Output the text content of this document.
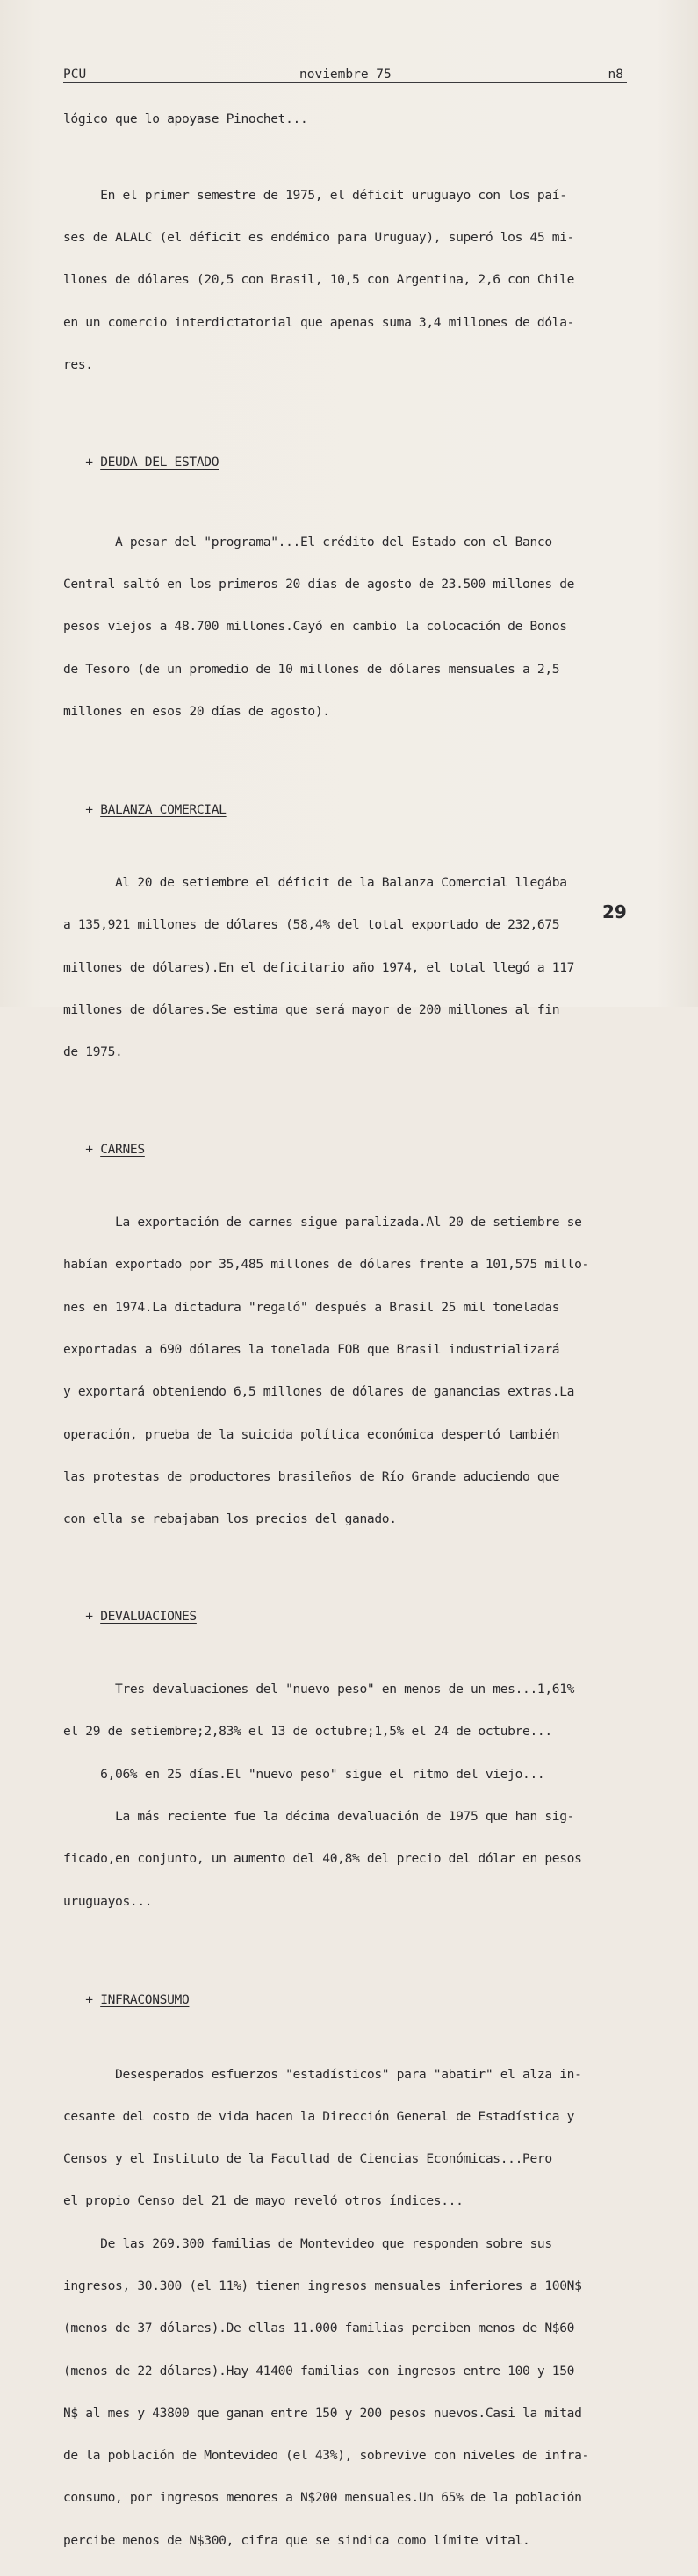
PCU	noviembre 75	n8

lógico que lo apoyase Pinochet...

En el primer semestre de 1975, el déficit uruguayo con los paí-

ses de ALALC (el déficit es endémico para Uruguay), superó los 45 mi-

llones de dólares (20,5 con Brasil, 10,5 con Argentina, 2,6 con Chile

en un comercio interdictatorial que apenas suma 3,4 millones de dóla-

res.

+ DEUDA DEL ESTADO

A pesar del "programa"...El crédito del Estado con el Banco

Central saltó en los primeros 20 días de agosto de 23.500 millones de

pesos viejos a 48.700 millones.Cayó en cambio la colocación de Bonos

de Tesoro (de un promedio de 10 millones de dólares mensuales a 2,5

millones en esos 20 días de agosto).

+ BALANZA COMERCIAL

Al 20 de setiembre el déficit de la Balanza Comercial llegába

a 135,921 millones de dólares (58,4% del total exportado de 232,675

millones de dólares).En el deficitario año 1974, el total llegó a 117

millones de dólares.Se estima que será mayor de 200 millones al fin

de 1975.

+ CARNES

La exportación de carnes sigue paralizada.Al 20 de setiembre se

habían exportado por 35,485 millones de dólares frente a 101,575 millo-

nes en 1974.La dictadura "regaló" después a Brasil 25 mil toneladas

exportadas a 690 dólares la tonelada FOB que Brasil industrializará

y exportará obteniendo 6,5 millones de dólares de ganancias extras.La

operación, prueba de la suicida política económica despertó también

las protestas de productores brasileños de Río Grande aduciendo que

con ella se rebajaban los precios del ganado.

+ DEVALUACIONES

Tres devaluaciones del "nuevo peso" en menos de un mes...1,61%

el 29 de setiembre;2,83% el 13 de octubre;1,5% el 24 de octubre...

6,06% en 25 días.El "nuevo peso" sigue el ritmo del viejo...

La más reciente fue la décima devaluación de 1975 que han sig-

ficado,en conjunto, un aumento del 40,8% del precio del dólar en pesos

uruguayos...

+ INFRACONSUMO

Desesperados esfuerzos "estadísticos" para "abatir" el alza in-

cesante del costo de vida hacen la Dirección General de Estadística y

Censos y el Instituto de la Facultad de Ciencias Económicas...Pero

el propio Censo del 21 de mayo reveló otros índices...

De las 269.300 familias de Montevideo que responden sobre sus

ingresos, 30.300 (el 11%) tienen ingresos mensuales inferiores a 100N$

(menos de 37 dólares).De ellas 11.000 familias perciben menos de N$60

(menos de 22 dólares).Hay 41400 familias con ingresos entre 100 y 150

N$ al mes y 43800 que ganan entre 150 y 200 pesos nuevos.Casi la mitad

de la población de Montevideo (el 43%), sobrevive con niveles de infra-

consumo, por ingresos menores a N$200 mensuales.Un 65% de la población

percibe menos de N$300, cifra que se sindica como límite vital.

29
